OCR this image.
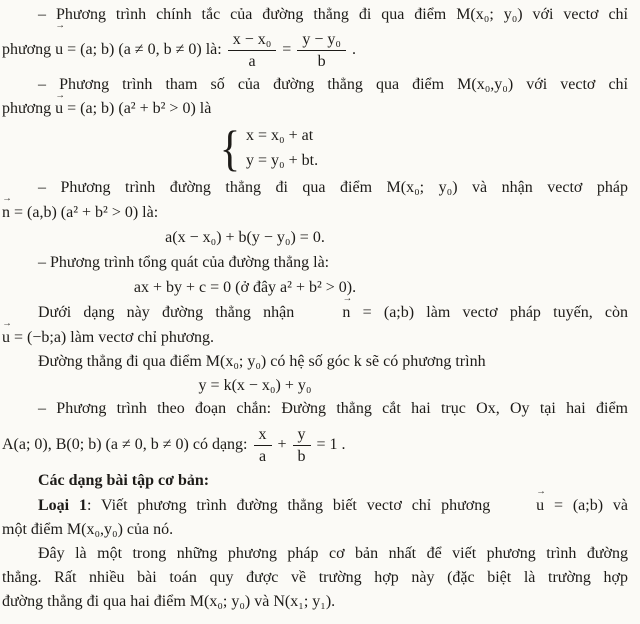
– Phương trình chính tắc của đường thẳng đi qua điểm M(x₀; y₀) với vectơ chỉ
phương
→
u = (a; b) (a ≠ 0, b ≠ 0) là: $\frac{\text{x − x₀}}{a} = \frac{\text{y − y₀}}{b}$ .
– Phương trình tham số của đường thẳng qua điểm M(x₀,y₀) với vectơ chỉ
phương
→
u = (a; b) (a² + b² > 0) là
{ x = x₀ + at
y = y₀ + bt.
– Phương trình đường thẳng đi qua điểm M(x₀; y₀) và nhận vectơ pháp
→
n = (a,b) (a² + b² > 0) là:
a(x − x₀) + b(y − y₀) = 0.
– Phương trình tổng quát của đường thẳng là:
ax + by + c = 0 (ở đây a² + b² > 0).
Dưới dạng này đường thẳng nhận
→
n = (a;b) làm vectơ pháp tuyến, còn
→
u = (−b;a) làm vectơ chỉ phương.
Đường thẳng đi qua điểm M(x₀; y₀) có hệ số góc k sẽ có phương trình
y = k(x − x₀) + y₀
– Phương trình theo đoạn chắn: Đường thẳng cắt hai trục Ox, Oy tại hai điểm
A(a; 0), B(0; b) (a ≠ 0, b ≠ 0) có dạng: $\frac{x}{a} + \frac{y}{b} = 1$ .
Các dạng bài tập cơ bản:
Loại 1: Viết phương trình đường thẳng biết vectơ chỉ phương
→
u = (a;b) và
một điểm M(x₀,y₀) của nó.
Đây là một trong những phương pháp cơ bản nhất để viết phương trình đường
thẳng. Rất nhiều bài toán quy được về trường hợp này (đặc biệt là trường hợp
đường thẳng đi qua hai điểm M(x₀; y₀) và N(x₁; y₁).
